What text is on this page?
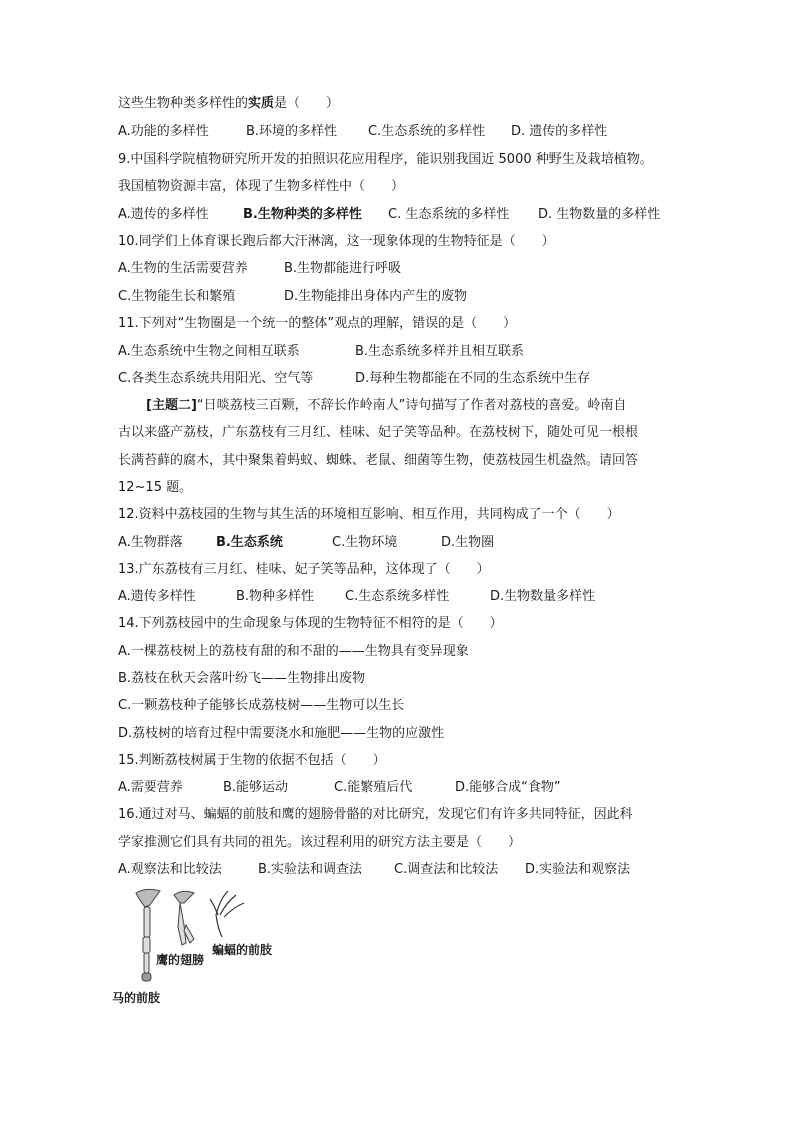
这些生物种类多样性的实质是（　　）
A.功能的多样性	B.环境的多样性 C.生态系统的多样性 D. 遗传的多样性
9.中国科学院植物研究所开发的拍照识花应用程序，能识别我国近 5000 种野生及栽培植物。
我国植物资源丰富，体现了生物多样性中（　　）
A.遗传的多样性	B.生物种类的多样性 C. 生态系统的多样性 D. 生物数量的多样性
10.同学们上体育课长跑后都大汗淋漓，这一现象体现的生物特征是（　　）
A.生物的生活需要营养	B.生物都能进行呼吸
C.生物能生长和繁殖	D.生物能排出身体内产生的废物
11.下列对“生物圈是一个统一的整体”观点的理解，错误的是（　　）
A.生态系统中生物之间相互联系	B.生态系统多样并且相互联系
C.各类生态系统共用阳光、空气等	D.每种生物都能在不同的生态系统中生存
[主题二]“日啖荔枝三百颗，不辞长作岭南人”诗句描写了作者对荔枝的喜爱。岭南自
古以来盛产荔枝，广东荔枝有三月红、桂味、妃子笑等品种。在荔枝树下，随处可见一根根
长满苔藓的腐木，其中聚集着蚂蚁、蜘蛛、老鼠、细菌等生物，使荔枝园生机盎然。请回答
12~15 题。
12.资料中荔枝园的生物与其生活的环境相互影响、相互作用，共同构成了一个（　　）
A.生物群落	B.生态系统	C.生物环境	D.生物圈
13.广东荔枝有三月红、桂味、妃子笑等品种，这体现了（　　）
A.遗传多样性	B.物种多样性 C.生态系统多样性	D.生物数量多样性
14.下列荔枝园中的生命现象与体现的生物特征不相符的是（　　）
A.一棵荔枝树上的荔枝有甜的和不甜的——生物具有变异现象
B.荔枝在秋天会落叶纷飞——生物排出废物
C.一颗荔枝种子能够长成荔枝树——生物可以生长
D.荔枝树的培育过程中需要浇水和施肥——生物的应激性
15.判断荔枝树属于生物的依据不包括（　　）
A.需要营养	B.能够运动	C.能繁殖后代	D.能够合成“食物”
16.通过对马、蝙蝠的前肢和鹰的翅膀骨骼的对比研究，发现它们有许多共同特征，因此科
学家推测它们具有共同的祖先。该过程利用的研究方法主要是（　　）
A.观察法和比较法	B.实验法和调查法 C.调查法和比较法 D.实验法和观察法
鹰的翅膀
蝙蝠的前肢
马的前肢
